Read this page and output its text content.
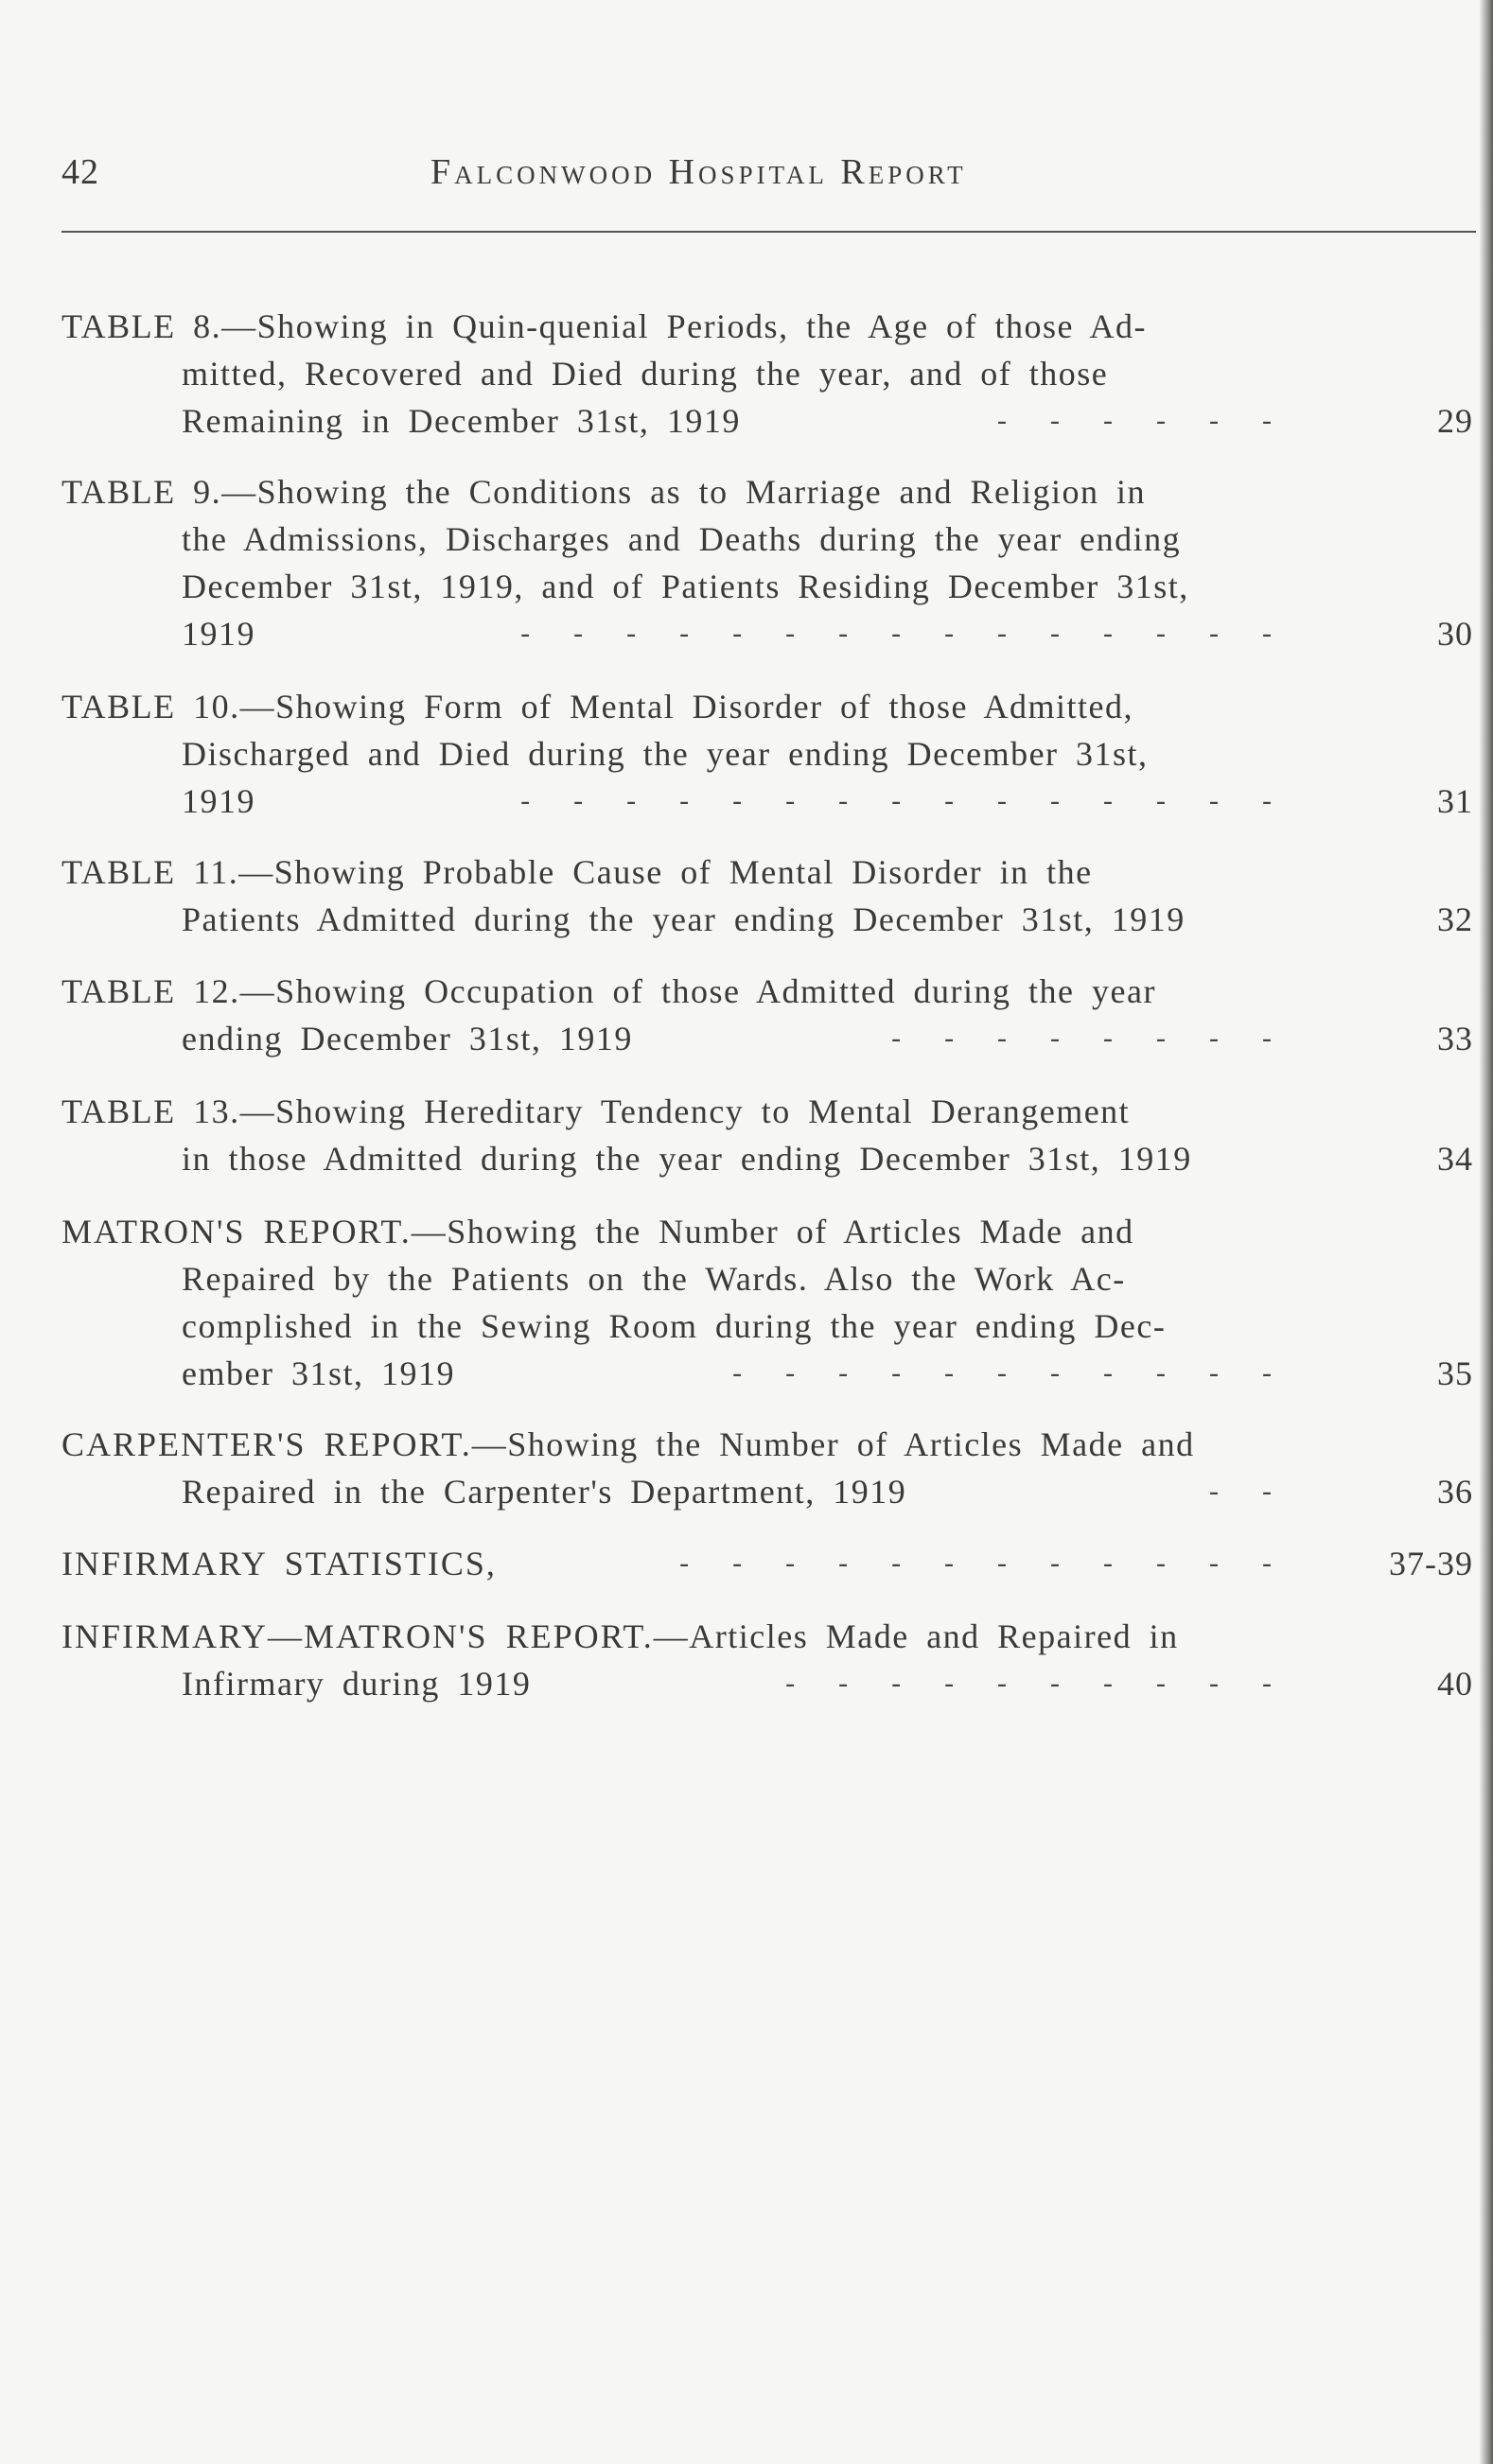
42	Falconwood Hospital Report
TABLE 8.—Showing in Quin-quenial Periods, the Age of those Ad-
mitted, Recovered and Died during the year, and of those
Remaining in December 31st, 1919	------	29
TABLE 9.—Showing the Conditions as to Marriage and Religion in
the Admissions, Discharges and Deaths during the year ending
December 31st, 1919, and of Patients Residing December 31st,
1919	---------------	30
TABLE 10.—Showing Form of Mental Disorder of those Admitted,
Discharged and Died during the year ending December 31st,
1919	---------------	31
TABLE 11.—Showing Probable Cause of Mental Disorder in the
Patients Admitted during the year ending December 31st, 1919	32
TABLE 12.—Showing Occupation of those Admitted during the year
ending December 31st, 1919	--------	33
TABLE 13.—Showing Hereditary Tendency to Mental Derangement
in those Admitted during the year ending December 31st, 1919	34
MATRON'S REPORT.—Showing the Number of Articles Made and
Repaired by the Patients on the Wards. Also the Work Ac-
complished in the Sewing Room during the year ending Dec-
ember 31st, 1919	-----------	35
CARPENTER'S REPORT.—Showing the Number of Articles Made and
Repaired in the Carpenter's Department, 1919	--	36
INFIRMARY STATISTICS,	------------ 37-39
INFIRMARY—MATRON'S REPORT.—Articles Made and Repaired in
Infirmary during 1919	----------	40
